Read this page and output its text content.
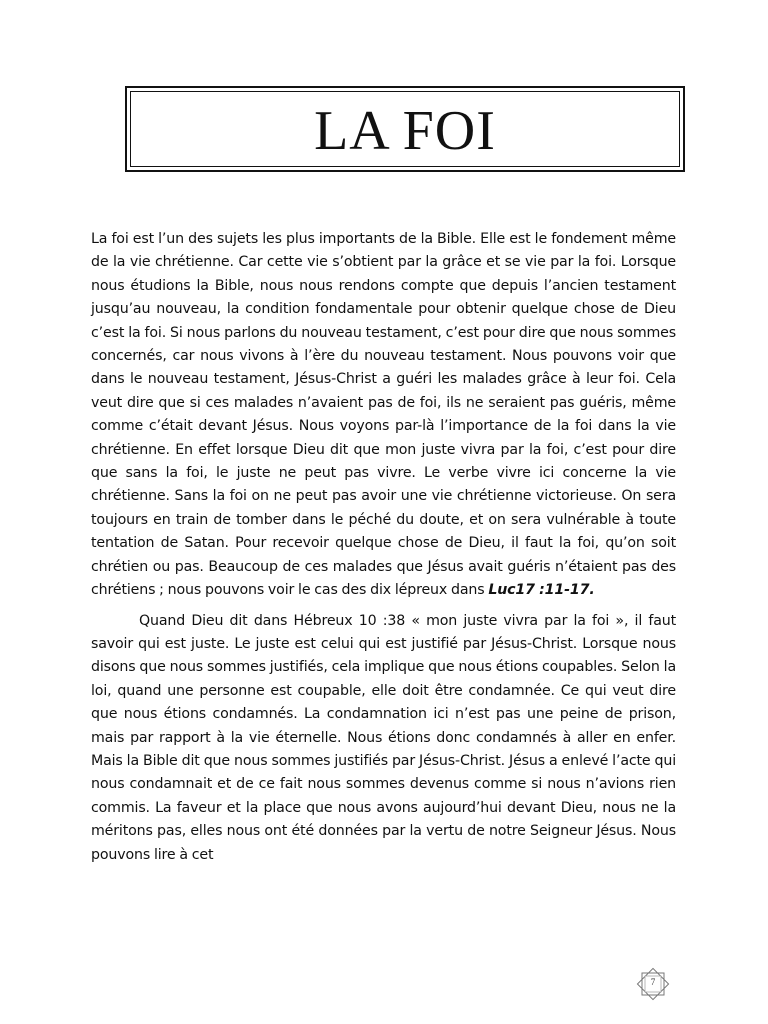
LA FOI

La foi est l’un des sujets les plus importants de la Bible. Elle est le fondement même de la vie chrétienne. Car cette vie s’obtient par la grâce et se vie par la foi. Lorsque nous étudions la Bible, nous nous rendons compte que depuis l’ancien testament jusqu’au nouveau, la condition fondamentale pour obtenir quelque chose de Dieu c’est la foi. Si nous parlons du nouveau testament, c’est pour dire que nous sommes concernés, car nous vivons à l’ère du nouveau testament. Nous pouvons voir que dans le nouveau testament, Jésus-Christ a guéri les malades grâce à leur foi. Cela veut dire que si ces malades n’avaient pas de foi, ils ne seraient pas guéris, même comme c’était devant Jésus. Nous voyons par-là l’importance de la foi dans la vie chrétienne. En effet lorsque Dieu dit que mon juste vivra par la foi, c’est pour dire que sans la foi, le juste ne peut pas vivre. Le verbe vivre ici concerne la vie chrétienne. Sans la foi on ne peut pas avoir une vie chrétienne victorieuse. On sera toujours en train de tomber dans le péché du doute, et on sera vulnérable à toute tentation de Satan. Pour recevoir quelque chose de Dieu, il faut la foi, qu’on soit chrétien ou pas. Beaucoup de ces malades que Jésus avait guéris n’étaient pas des chrétiens ; nous pouvons voir le cas des dix lépreux dans Luc17 :11-17.

Quand Dieu dit dans Hébreux 10 :38 « mon juste vivra par la foi », il faut savoir qui est juste. Le juste est celui qui est justifié par Jésus-Christ. Lorsque nous disons que nous sommes justifiés, cela implique que nous étions coupables. Selon la loi, quand une personne est coupable, elle doit être condamnée. Ce qui veut dire que nous étions condamnés. La condamnation ici n’est pas une peine de prison, mais par rapport à la vie éternelle. Nous étions donc condamnés à aller en enfer. Mais la Bible dit que nous sommes justifiés par Jésus-Christ. Jésus a enlevé l’acte qui nous condamnait et de ce fait nous sommes devenus comme si nous n’avions rien commis. La faveur et la place que nous avons aujourd’hui devant Dieu, nous ne la méritons pas, elles nous ont été données par la vertu de notre Seigneur Jésus. Nous pouvons lire à cet

7
